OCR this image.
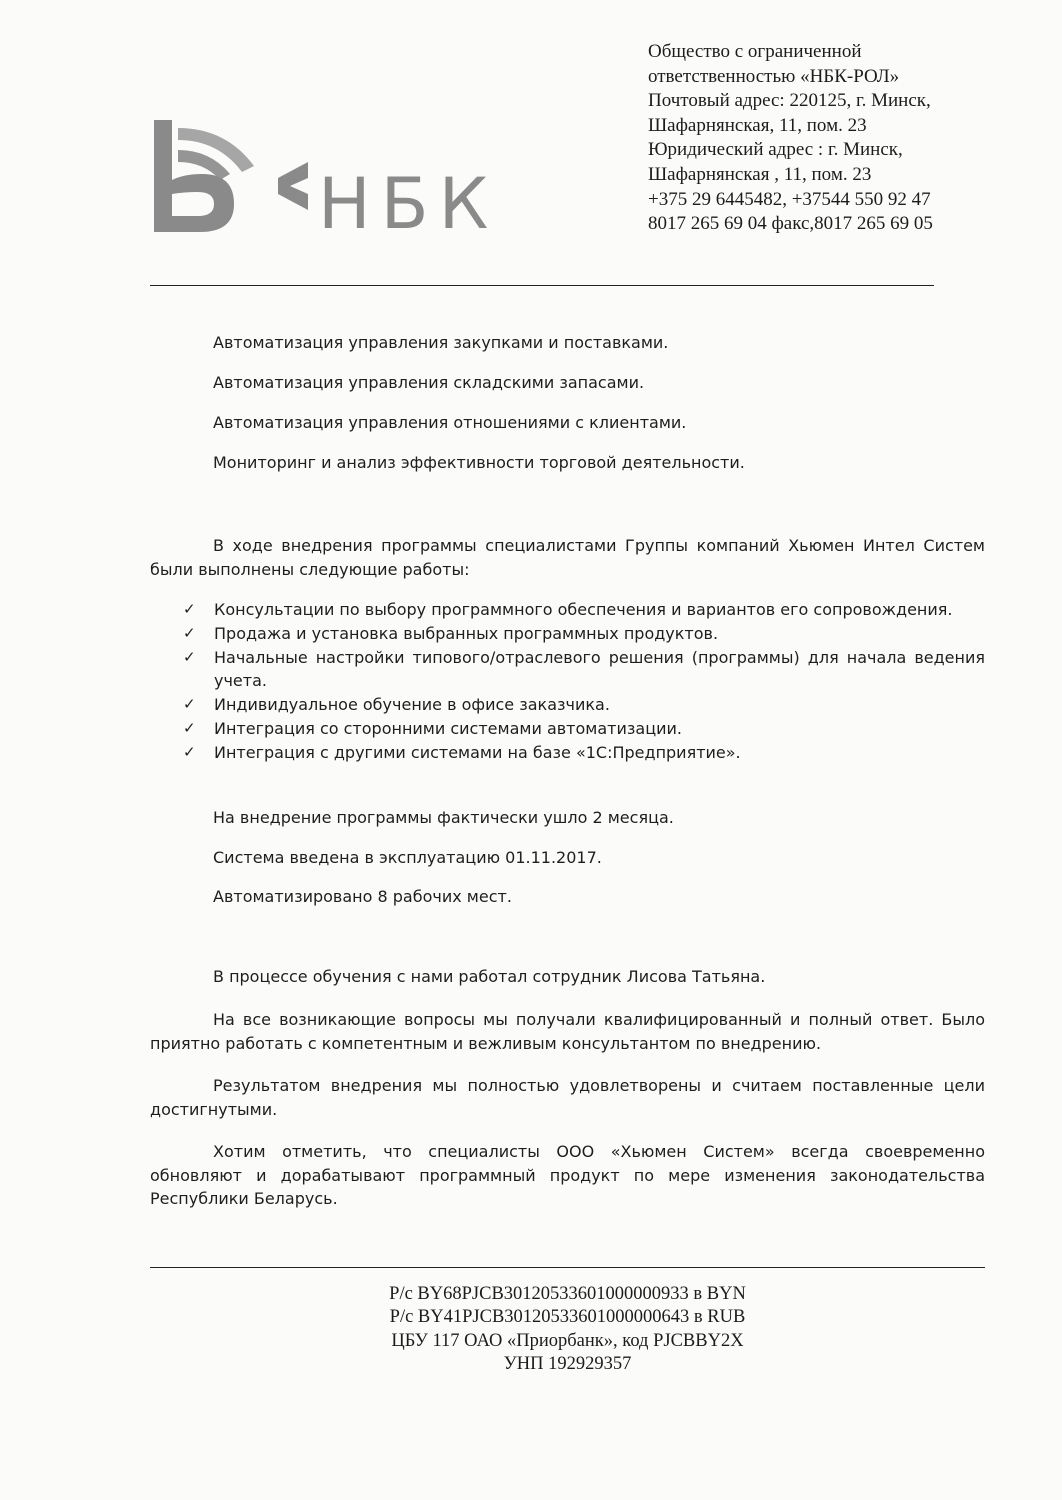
НБК
Общество с ограниченной
ответственностью «НБК-РОЛ»
Почтовый адрес: 220125, г. Минск,
Шафарнянская, 11, пом. 23
Юридический адрес : г. Минск,
Шафарнянская , 11, пом. 23
+375 29 6445482, +37544 550 92 47
8017 265 69 04 факс,8017 265 69 05
Автоматизация управления закупками и поставками.
Автоматизация управления складскими запасами.
Автоматизация управления отношениями с клиентами.
Мониторинг и анализ эффективности торговой деятельности.
В ходе внедрения программы специалистами Группы компаний Хьюмен Интел Систем были выполнены следующие работы:
✓ Консультации по выбору программного обеспечения и вариантов его сопровождения.
✓ Продажа и установка выбранных программных продуктов.
✓ Начальные настройки типового/отраслевого решения (программы) для начала ведения учета.
✓ Индивидуальное обучение в офисе заказчика.
✓ Интеграция со сторонними системами автоматизации.
✓ Интеграция с другими системами на базе «1С:Предприятие».
На внедрение программы фактически ушло 2 месяца.
Система введена в эксплуатацию 01.11.2017.
Автоматизировано 8 рабочих мест.
В процессе обучения с нами работал сотрудник Лисова Татьяна.
На все возникающие вопросы мы получали квалифицированный и полный ответ. Было приятно работать с компетентным и вежливым консультантом по внедрению.
Результатом внедрения мы полностью удовлетворены и считаем поставленные цели достигнутыми.
Хотим отметить, что специалисты ООО «Хьюмен Систем» всегда своевременно обновляют и дорабатывают программный продукт по мере изменения законодательства Республики Беларусь.
Р/с BY68PJCB30120533601000000933 в BYN
Р/с BY41PJCB30120533601000000643 в RUB
ЦБУ 117 ОАО «Приорбанк», код PJCBBY2X
УНП 192929357
